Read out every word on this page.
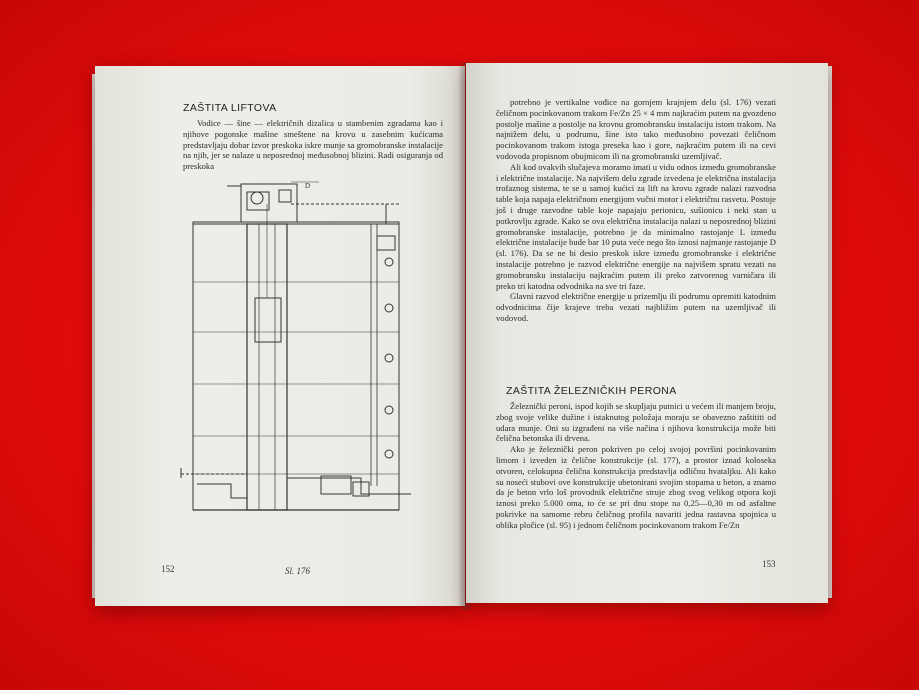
ZAŠTITA LIFTOVA

Vodice — šine — električnih dizalica u stambenim zgradama kao i njihove pogonske mašine smeštene na krovu u zasebnim kućicama predstavljaju dobar izvor preskoka iskre munje sa gromobranske instalacije na njih, jer se nalaze u neposrednoj međusobnoj blizini. Radi osiguranja od preskoka

D
Sl. 176
152

potrebno je vertikalne vođice na gornjem krajnjem delu (sl. 176) vezati čeličnom pocinkovanom trakom Fe/Zn 25 × 4 mm najkraćim putem na gvozdeno postolje mašine a postolje na krovnu gromobransku instalaciju istom trakom. Na najnižem delu, u podrumu, šine isto tako međusobno povezati čeličnom pocinkovanom trakom istoga preseka kao i gore, najkraćim putem ili na cevi vodovoda propisnom obujmicom ili na gromobranski uzemljivač.

Ali kod ovakvih slučajeva moramo imati u vidu odnos između gromobranske i električne instalacije. Na najvišem delu zgrade izvedena je električna instalacija trofaznog sistema, te se u samoj kućici za lift na krovu zgrade nalazi razvodna table koja napaja električnom energijom vučni motor i električnu rasvetu. Postoje još i druge razvodne table koje napajaju perionicu, sušionicu i neki stan u potkrovlju zgrade. Kako se ova električna instalacija nalazi u neposrednoj blizini gromobranske instalacije, potrebno je da minimalno rastojanje L između električne instalacije bude bar 10 puta veće nego što iznosi najmanje rastojanje D (sl. 176). Da se ne bi desio preskok iskre između gromobranske i električne instalacije potrebno je razvod električne energije na najvišem spratu vezati na gromobransku instalaciju najkraćim putem ili preko zatvorenog varničara ili preko tri katodna odvodnika na sve tri faze.

Glavni razvod električne energije u prizemlju ili podrumu opremiti katodnim odvodnicima čije krajeve treba vezati najbližim putem na uzemljivač ili vodovod.

ZAŠTITA ŽELEZNIČKIH PERONA

Železnički peroni, ispod kojih se skupljaju putnici u većem ili manjem broju, zbog svoje velike dužine i istaknutog položaja moraju se obavezno zaštititi od udara munje. Oni su izgrađeni na više načina i njihova konstrukcija može biti čelična betonska ili drvena.

Ako je železnički peron pokriven po celoj svojoj površini pocinkovanim limom i izveden iz čelične konstrukcije (sl. 177), a prostor iznad koloseka otvoren, celokupna čelična konstrukcija predstavlja odličnu hvataljku. Ali kako su noseći stubovi ove konstrukcije ubetonirani svojim stopama u beton, a znamo da je beton vrlo loš provodnik električne struje zbog svog velikog otpora koji iznosi preko 5.000 oma, to će se pri dnu stope na 0,25—0,30 m od asfaltne pokrivke na samome rebru čeličnog profila navariti jedna rastavna spojnica u oblika pločice (sl. 95) i jednom čeličnom pocinkovanom trakom Fe/Zn

153
